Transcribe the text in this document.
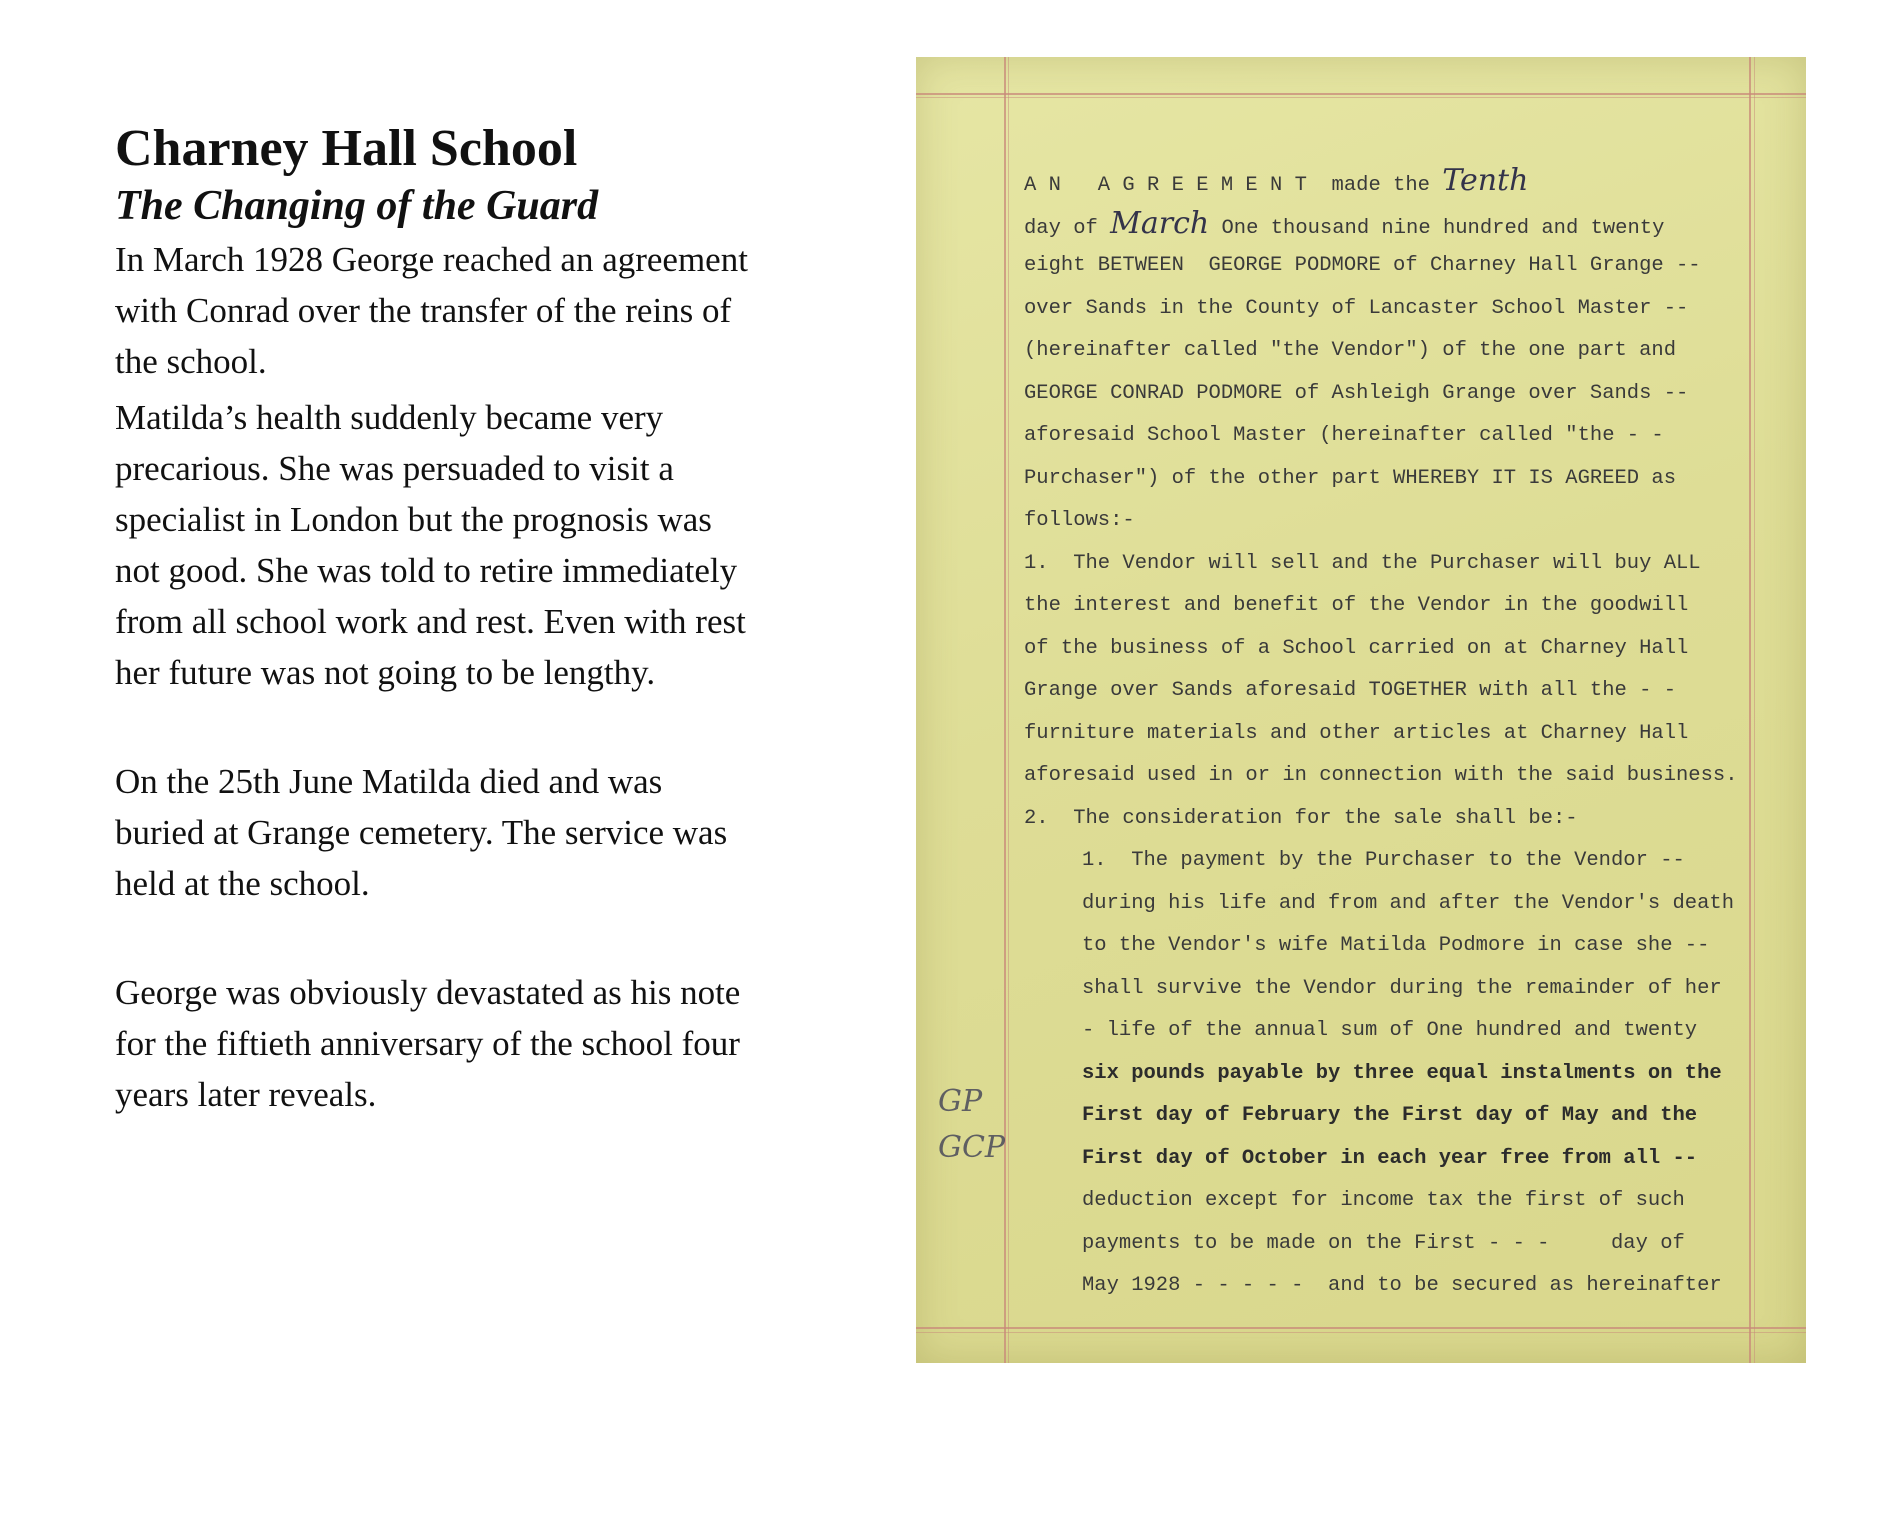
Charney Hall School
The Changing of the Guard

In March 1928 George reached an agreement with Conrad over the transfer of the reins of the school.

Matilda’s health suddenly became very precarious. She was persuaded to visit a specialist in London but the prognosis was not good. She was told to retire immediately from all school work and rest. Even with rest her future was not going to be lengthy.

On the 25th June Matilda died and was buried at Grange cemetery. The service was held at the school.

George was obviously devastated as his note for the fiftieth anniversary of the school four years later reveals.	GP
GCP
A N   A G R E E M E N T  made the Tenth
day of March One thousand nine hundred and twenty
eight BETWEEN  GEORGE PODMORE of Charney Hall Grange --
over Sands in the County of Lancaster School Master --
(hereinafter called "the Vendor") of the one part and
GEORGE CONRAD PODMORE of Ashleigh Grange over Sands --
aforesaid School Master (hereinafter called "the - -
Purchaser") of the other part WHEREBY IT IS AGREED as
follows:-
1.  The Vendor will sell and the Purchaser will buy ALL
the interest and benefit of the Vendor in the goodwill
of the business of a School carried on at Charney Hall
Grange over Sands aforesaid TOGETHER with all the - -
furniture materials and other articles at Charney Hall
aforesaid used in or in connection with the said business.
2.  The consideration for the sale shall be:-
1.  The payment by the Purchaser to the Vendor --
during his life and from and after the Vendor's death
to the Vendor's wife Matilda Podmore in case she --
shall survive the Vendor during the remainder of her
- life of the annual sum of One hundred and twenty
six pounds payable by three equal instalments on the
First day of February the First day of May and the
First day of October in each year free from all --
deduction except for income tax the first of such
payments to be made on the First - - -     day of
May 1928 - - - - -  and to be secured as hereinafter
